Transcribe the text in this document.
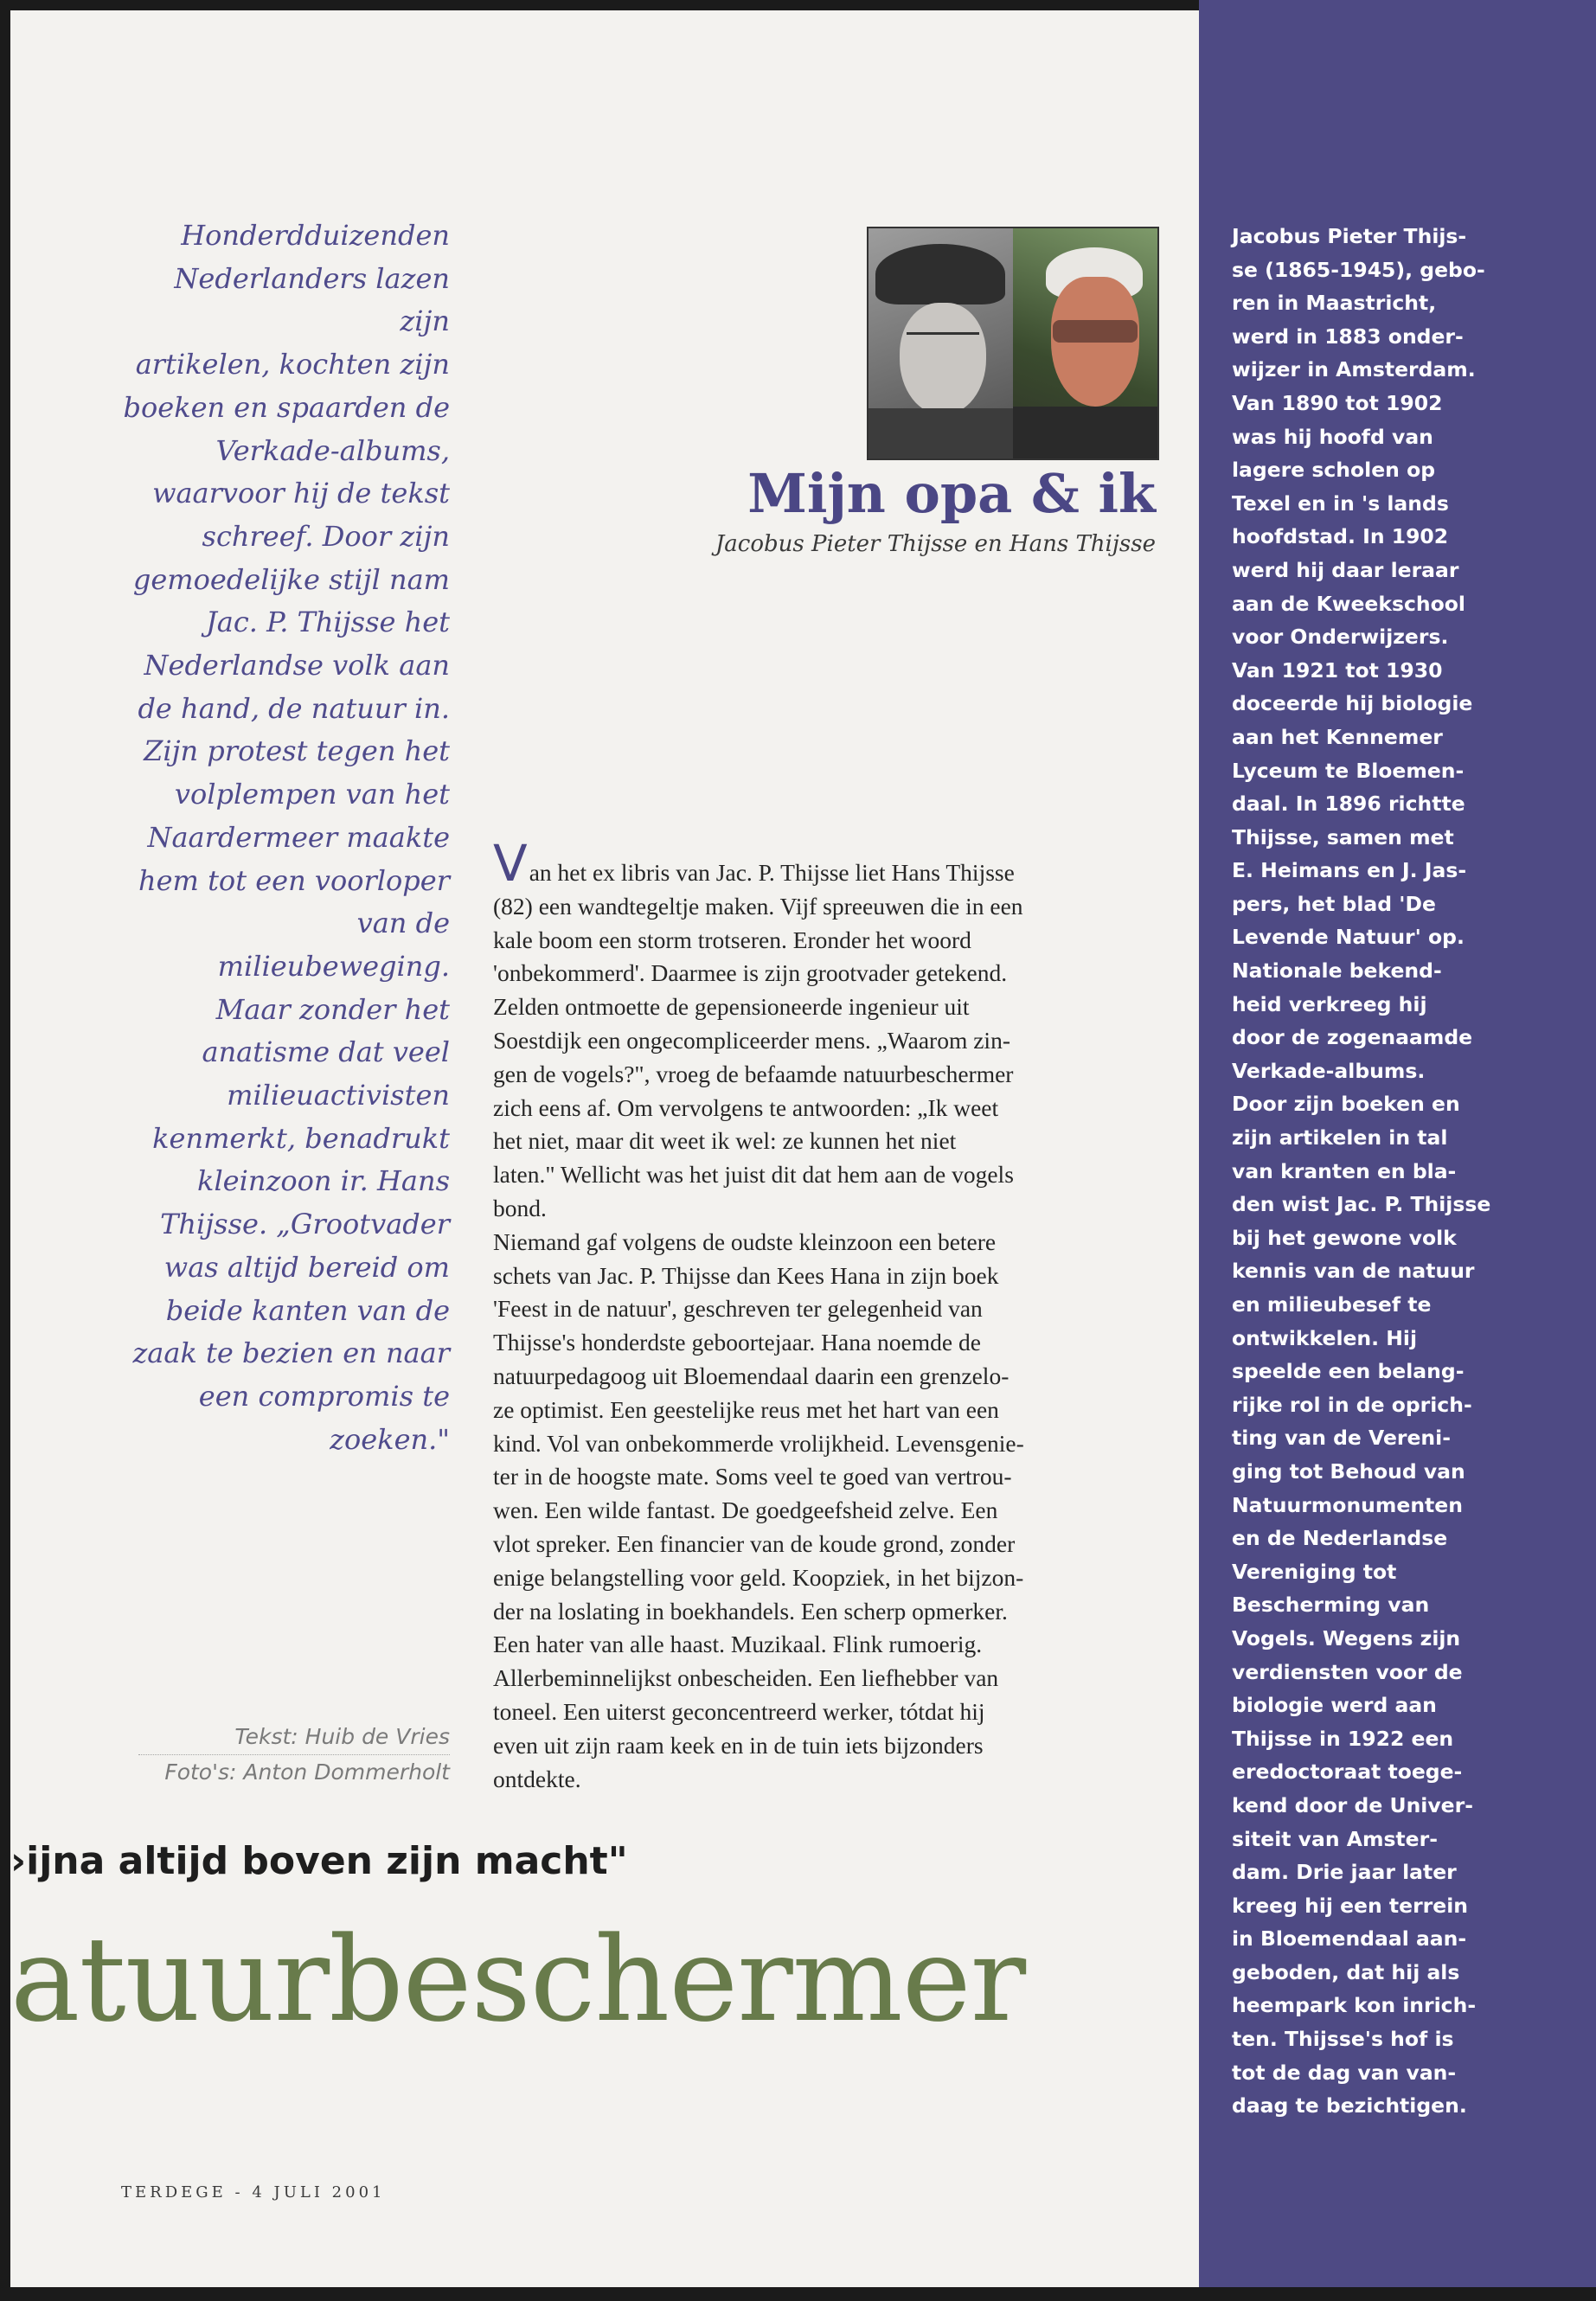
Honderdduizenden
Nederlanders lazen zijn
artikelen, kochten zijn
boeken en spaarden de
Verkade-albums,
waarvoor hij de tekst
schreef. Door zijn
gemoedelijke stijl nam
Jac. P. Thijsse het
Nederlandse volk aan
de hand, de natuur in.
Zijn protest tegen het
volplempen van het
Naardermeer maakte
hem tot een voorloper
van de milieubeweging.
Maar zonder het
anatisme dat veel
milieuactivisten
kenmerkt, benadrukt
kleinzoon ir. Hans
Thijsse. „Grootvader
was altijd bereid om
beide kanten van de
zaak te bezien en naar
een compromis te
zoeken."
Tekst: Huib de Vries
Foto's: Anton Dommerholt
Mijn opa & ik
Jacobus Pieter Thijsse en Hans Thijsse

Van het ex libris van Jac. P. Thijsse liet Hans Thijsse

(82) een wandtegeltje maken. Vijf spreeuwen die in een

kale boom een storm trotseren. Eronder het woord

'onbekommerd'. Daarmee is zijn grootvader getekend.

Zelden ontmoette de gepensioneerde ingenieur uit

Soestdijk een ongecompliceerder mens. „Waarom zin-

gen de vogels?", vroeg de befaamde natuurbeschermer

zich eens af. Om vervolgens te antwoorden: „Ik weet

het niet, maar dit weet ik wel: ze kunnen het niet

laten." Wellicht was het juist dit dat hem aan de vogels

bond.

Niemand gaf volgens de oudste kleinzoon een betere

schets van Jac. P. Thijsse dan Kees Hana in zijn boek

'Feest in de natuur', geschreven ter gelegenheid van

Thijsse's honderdste geboortejaar. Hana noemde de

natuurpedagoog uit Bloemendaal daarin een grenzelo-

ze optimist. Een geestelijke reus met het hart van een

kind. Vol van onbekommerde vrolijkheid. Levensgenie-

ter in de hoogste mate. Soms veel te goed van vertrou-

wen. Een wilde fantast. De goedgeefsheid zelve. Een

vlot spreker. Een financier van de koude grond, zonder

enige belangstelling voor geld. Koopziek, in het bijzon-

der na loslating in boekhandels. Een scherp opmerker.

Een hater van alle haast. Muzikaal. Flink rumoerig.

Allerbeminnelijkst onbescheiden. Een liefhebber van

toneel. Een uiterst geconcentreerd werker, tótdat hij

even uit zijn raam keek en in de tuin iets bijzonders

ontdekte.

›ijna altijd boven zijn macht"
atuurbeschermer
TERDEGE - 4 JULI 2001
Jacobus Pieter Thijs-
se (1865-1945), gebo-
ren in Maastricht,
werd in 1883 onder-
wijzer in Amsterdam.
Van 1890 tot 1902
was hij hoofd van
lagere scholen op
Texel en in 's lands
hoofdstad. In 1902
werd hij daar leraar
aan de Kweekschool
voor Onderwijzers.
Van 1921 tot 1930
doceerde hij biologie
aan het Kennemer
Lyceum te Bloemen-
daal. In 1896 richtte
Thijsse, samen met
E. Heimans en J. Jas-
pers, het blad 'De
Levende Natuur' op.
Nationale bekend-
heid verkreeg hij
door de zogenaamde
Verkade-albums.
Door zijn boeken en
zijn artikelen in tal
van kranten en bla-
den wist Jac. P. Thijsse
bij het gewone volk
kennis van de natuur
en milieubesef te
ontwikkelen. Hij
speelde een belang-
rijke rol in de oprich-
ting van de Vereni-
ging tot Behoud van
Natuurmonumenten
en de Nederlandse
Vereniging tot
Bescherming van
Vogels. Wegens zijn
verdiensten voor de
biologie werd aan
Thijsse in 1922 een
eredoctoraat toege-
kend door de Univer-
siteit van Amster-
dam. Drie jaar later
kreeg hij een terrein
in Bloemendaal aan-
geboden, dat hij als
heempark kon inrich-
ten. Thijsse's hof is
tot de dag van van-
daag te bezichtigen.
